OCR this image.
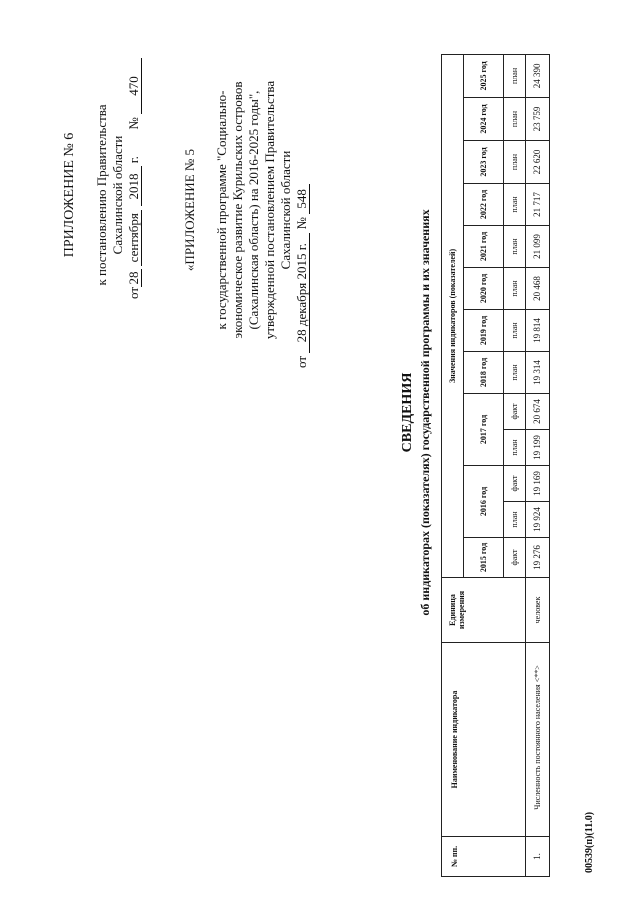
ПРИЛОЖЕНИЕ № 6 к постановлению Правительства Сахалинской области
от28 сентября 2018 г.  № 470
«ПРИЛОЖЕНИЕ № 5 к государственной программе "Социально- экономическое развитие Курильских островов (Сахалинская область) на 2016-2025 годы", утвержденной постановлением Правительства Сахалинской области
от 28 декабря 2015 г. № 548
СВЕДЕНИЯ об индикаторах (показателях) государственной программы и их значениях
№ пп.	Наименование индикатора	Единица измерения	Значения индикаторов (показателей)												
			2015 год	2016 год		2017 год		2018 год	2019 год	2020 год	2021 год	2022 год	2023 год	2024 год	2025 год
			факт	план	факт	план	факт	план	план	план	план	план	план	план	план
1.	Численность постоянного населения <**>	человек	19 276	19 924	19 169	19 199	20 674	19 314	19 814	20 468	21 099	21 717	22 620	23 759	24 390
00539(п)(11.0)
